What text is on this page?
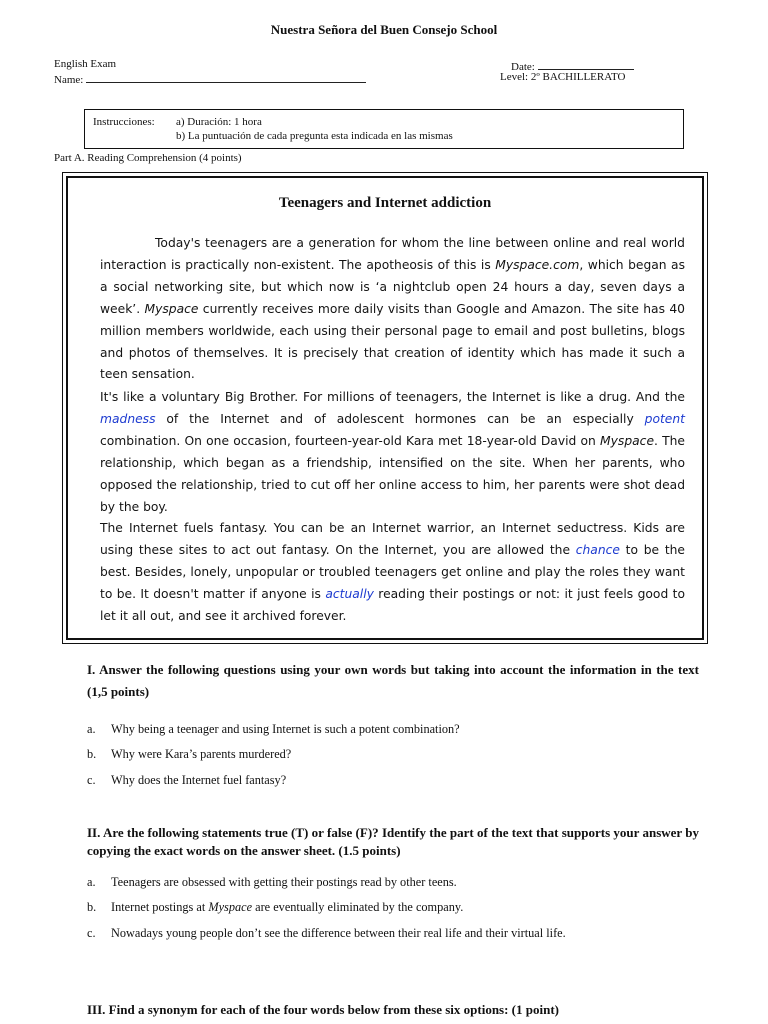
Nuestra Señora del Buen Consejo School
English Exam
Name:
Date:
Level: 2º BACHILLERATO
Instrucciones: a) Duración: 1 hora
b) La puntuación de cada pregunta esta indicada en las mismas
Part A. Reading Comprehension (4 points)
Teenagers and Internet addiction

Today's teenagers are a generation for whom the line between online and real world interaction is practically non-existent. The apotheosis of this is Myspace.com, which began as a social networking site, but which now is ‘a nightclub open 24 hours a day, seven days a week’. Myspace currently receives more daily visits than Google and Amazon. The site has 40 million members worldwide, each using their personal page to email and post bulletins, blogs and photos of themselves. It is precisely that creation of identity which has made it such a teen sensation.

It's like a voluntary Big Brother. For millions of teenagers, the Internet is like a drug. And the madness of the Internet and of adolescent hormones can be an especially potent combination. On one occasion, fourteen-year-old Kara met 18-year-old David on Myspace. The relationship, which began as a friendship, intensified on the site. When her parents, who opposed the relationship, tried to cut off her online access to him, her parents were shot dead by the boy.

The Internet fuels fantasy. You can be an Internet warrior, an Internet seductress. Kids are using these sites to act out fantasy. On the Internet, you are allowed the chance to be the best. Besides, lonely, unpopular or troubled teenagers get online and play the roles they want to be. It doesn't matter if anyone is actually reading their postings or not: it just feels good to let it all out, and see it archived forever.

I. Answer the following questions using your own words but taking into account the information in the text (1,5 points)
a. Why being a teenager and using Internet is such a potent combination?
b. Why were Kara’s parents murdered?
c. Why does the Internet fuel fantasy?
II. Are the following statements true (T) or false (F)? Identify the part of the text that supports your answer by copying the exact words on the answer sheet. (1.5 points)
a. Teenagers are obsessed with getting their postings read by other teens.
b. Internet postings at Myspace are eventually eliminated by the company.
c. Nowadays young people don’t see the difference between their real life and their virtual life.
III. Find a synonym for each of the four words below from these six options: (1 point)
